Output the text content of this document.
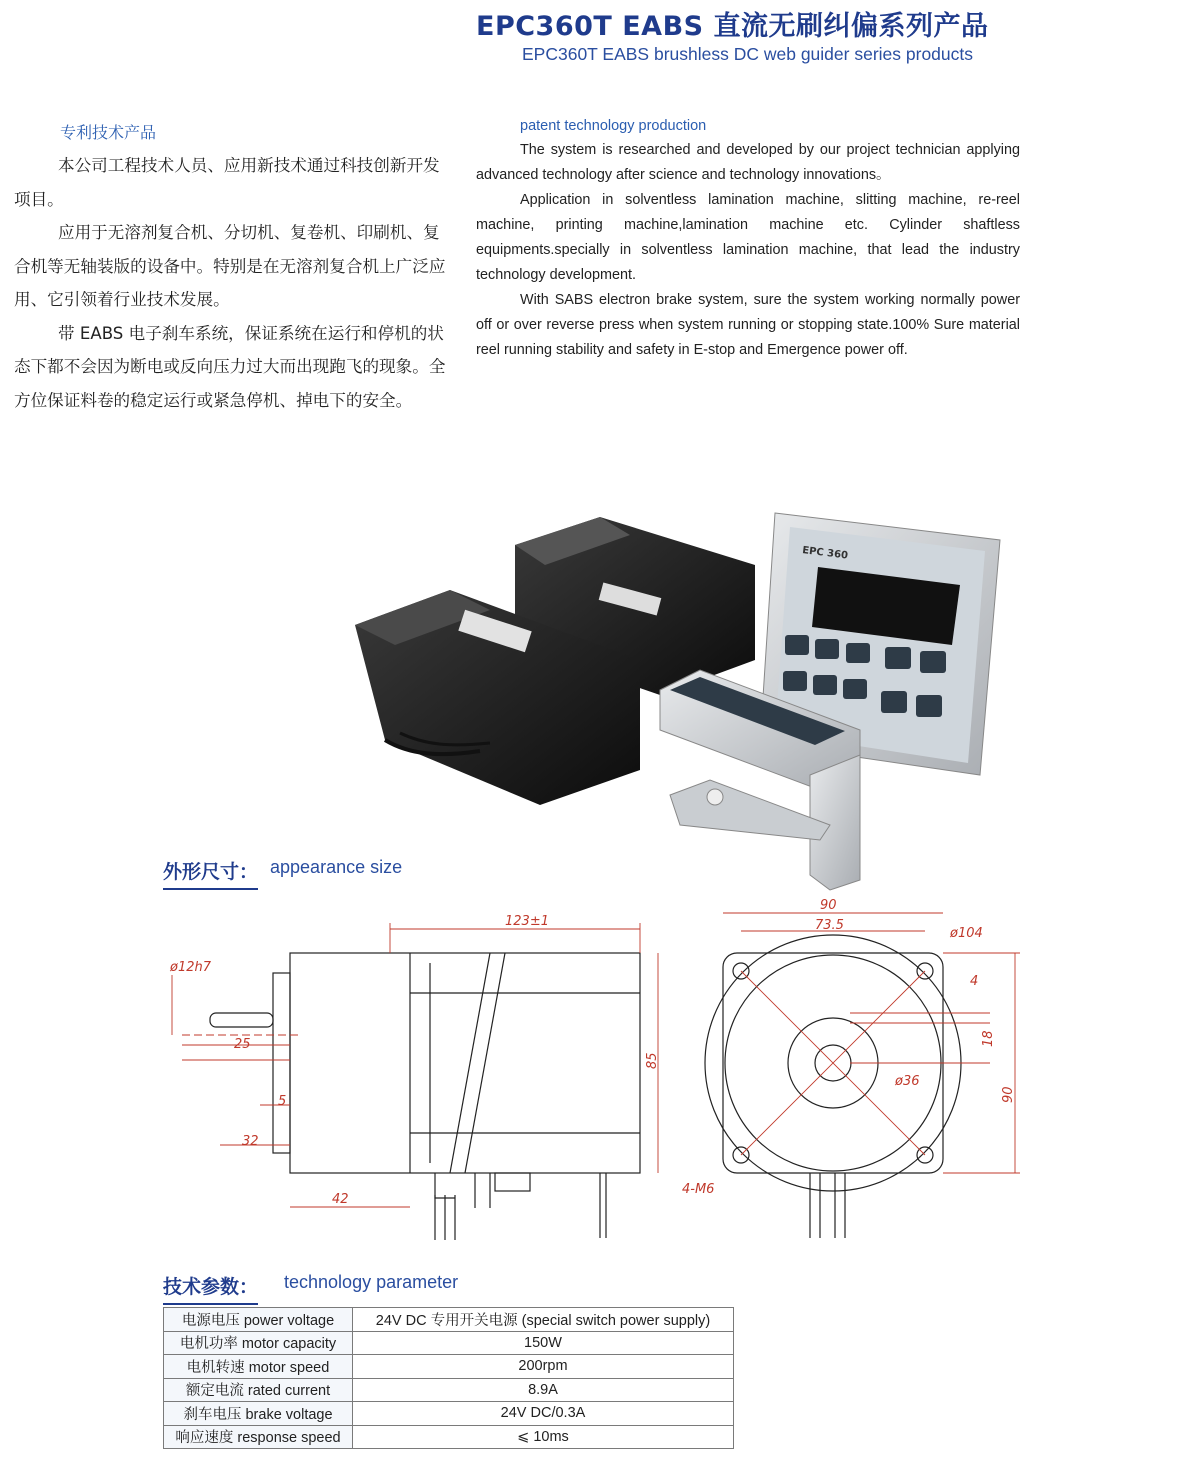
EPC360T EABS 直流无刷纠偏系列产品
EPC360T EABS brushless DC web guider series products
专利技术产品

本公司工程技术人员、应用新技术通过科技创新开发项目。

应用于无溶剂复合机、分切机、复卷机、印刷机、复合机等无轴装版的设备中。特别是在无溶剂复合机上广泛应用、它引领着行业技术发展。

带 EABS 电子刹车系统，保证系统在运行和停机的状态下都不会因为断电或反向压力过大而出现跑飞的现象。全方位保证料卷的稳定运行或紧急停机、掉电下的安全。

patent technology production

The system is researched and developed by our project technician applying advanced technology after science and technology innovations。

Application in solventless lamination machine, slitting machine, re-reel machine, printing machine,lamination machine etc. Cylinder shaftless equipments.specially in solventless lamination machine, that lead the industry technology development.

With SABS electron brake system, sure the system working normally power off or over reverse press when system running or stopping state.100% Sure material reel running stability and safety in E-stop and Emergence power off.

EPC 360
外形尺寸： appearance size
123±1
ø12h7
25
5
32
42
85
90
73.5
ø104
ø36
4
18
90
4-M6
技术参数： technology parameter
电源电压 power voltage	24V DC 专用开关电源 (special switch power supply)
电机功率 motor capacity	150W
电机转速 motor speed	200rpm
额定电流 rated current	8.9A
刹车电压 brake voltage	24V DC/0.3A
响应速度 response speed	⩽ 10ms
